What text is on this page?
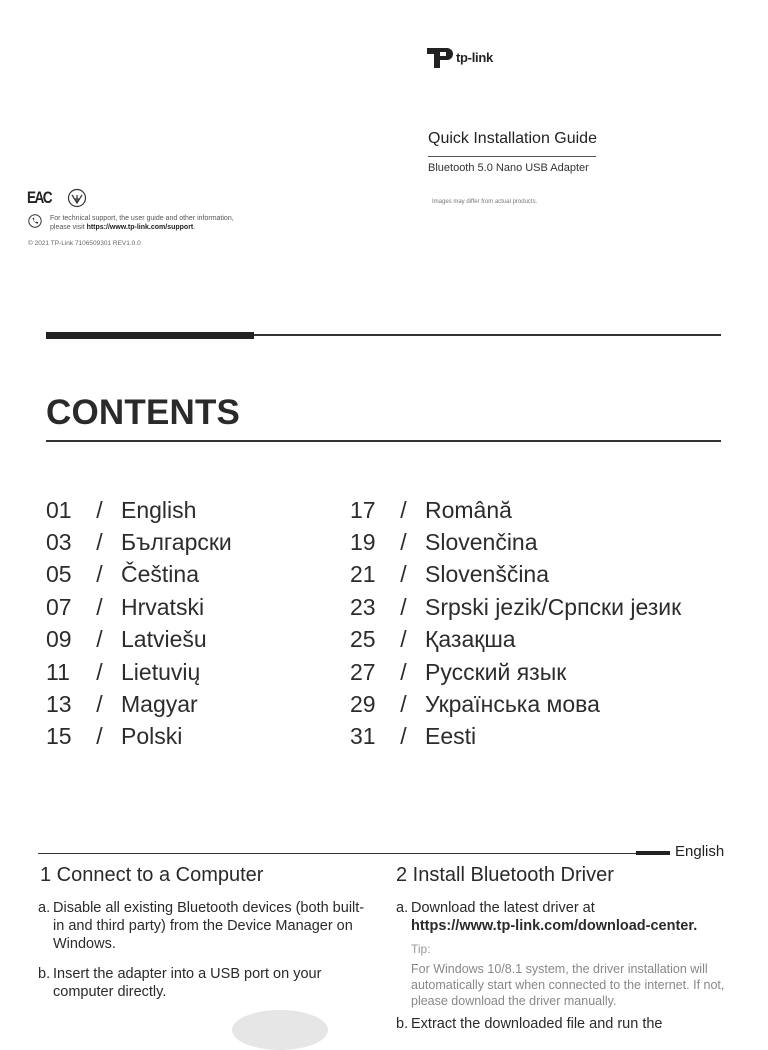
tp-link
Quick Installation Guide
Bluetooth 5.0 Nano USB Adapter
Images may differ from actual products.
EAC
For technical support, the user guide and other information,
please visit https://www.tp-link.com/support.
© 2021 TP-Link 7106509301 REV1.0.0
CONTENTS
01	/ English
03	/ Български
05	/ Čeština
07	/ Hrvatski
09	/ Latviešu
11	/ Lietuvių
13	/ Magyar
15	/ Polski
17	/ Română
19	/ Slovenčina
21	/ Slovenščina
23	/ Srpski jezik/Српски језик
25	/ Қазақша
27	/ Русский язык
29	/ Українська мова
31	/ Eesti
English
1 Connect to a Computer
a. Disable all existing Bluetooth devices (both built-in and third party) from the Device Manager on Windows.
b. Insert the adapter into a USB port on your computer directly.
2 Install Bluetooth Driver
a. Download the latest driver at
https://www.tp-link.com/download-center.
Tip:
For Windows 10/8.1 system, the driver installation will automatically start when connected to the internet. If not, please download the driver manually.
b. Extract the downloaded file and run the
